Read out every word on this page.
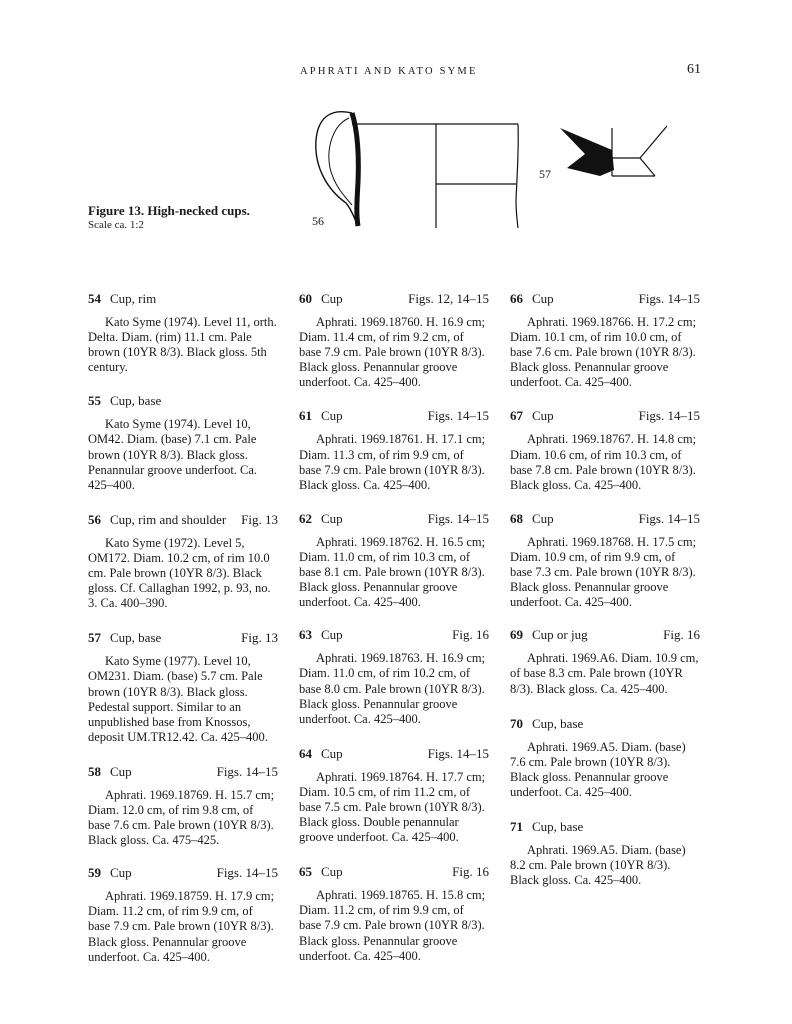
APHRATI AND KATO SYME	61
56
57
Figure 13. High-necked cups.
Scale ca. 1:2
54 Cup, rim

Kato Syme (1974). Level 11, orth. Delta. Diam. (rim) 11.1 cm. Pale brown (10YR 8/3). Black gloss. 5th century.

55 Cup, base

Kato Syme (1974). Level 10, OM42. Diam. (base) 7.1 cm. Pale brown (10YR 8/3). Black gloss. Penannular groove underfoot. Ca. 425–400.

56 Cup, rim and shoulder Fig. 13

Kato Syme (1972). Level 5, OM172. Diam. 10.2 cm, of rim 10.0 cm. Pale brown (10YR 8/3). Black gloss. Cf. Callaghan 1992, p. 93, no. 3. Ca. 400–390.

57 Cup, base	Fig. 13

Kato Syme (1977). Level 10, OM231. Diam. (base) 5.7 cm. Pale brown (10YR 8/3). Black gloss. Pedestal support. Similar to an unpublished base from Knossos, deposit UM.TR12.42. Ca. 425–400.

58 Cup	Figs. 14–15

Aphrati. 1969.18769. H. 15.7 cm; Diam. 12.0 cm, of rim 9.8 cm, of base 7.6 cm. Pale brown (10YR 8/3). Black gloss. Ca. 475–425.

59 Cup	Figs. 14–15

Aphrati. 1969.18759. H. 17.9 cm; Diam. 11.2 cm, of rim 9.9 cm, of base 7.9 cm. Pale brown (10YR 8/3). Black gloss. Penannular groove underfoot. Ca. 425–400.

60 Cup	Figs. 12, 14–15

Aphrati. 1969.18760. H. 16.9 cm; Diam. 11.4 cm, of rim 9.2 cm, of base 7.9 cm. Pale brown (10YR 8/3). Black gloss. Penannular groove underfoot. Ca. 425–400.

61 Cup	Figs. 14–15

Aphrati. 1969.18761. H. 17.1 cm; Diam. 11.3 cm, of rim 9.9 cm, of base 7.9 cm. Pale brown (10YR 8/3). Black gloss. Ca. 425–400.

62 Cup	Figs. 14–15

Aphrati. 1969.18762. H. 16.5 cm; Diam. 11.0 cm, of rim 10.3 cm, of base 8.1 cm. Pale brown (10YR 8/3). Black gloss. Penannular groove underfoot. Ca. 425–400.

63 Cup	Fig. 16

Aphrati. 1969.18763. H. 16.9 cm; Diam. 11.0 cm, of rim 10.2 cm, of base 8.0 cm. Pale brown (10YR 8/3). Black gloss. Penannular groove underfoot. Ca. 425–400.

64 Cup	Figs. 14–15

Aphrati. 1969.18764. H. 17.7 cm; Diam. 10.5 cm, of rim 11.2 cm, of base 7.5 cm. Pale brown (10YR 8/3). Black gloss. Double penannular groove underfoot. Ca. 425–400.

65 Cup	Fig. 16

Aphrati. 1969.18765. H. 15.8 cm; Diam. 11.2 cm, of rim 9.9 cm, of base 7.9 cm. Pale brown (10YR 8/3). Black gloss. Penannular groove underfoot. Ca. 425–400.

66 Cup	Figs. 14–15

Aphrati. 1969.18766. H. 17.2 cm; Diam. 10.1 cm, of rim 10.0 cm, of base 7.6 cm. Pale brown (10YR 8/3). Black gloss. Penannular groove underfoot. Ca. 425–400.

67 Cup	Figs. 14–15

Aphrati. 1969.18767. H. 14.8 cm; Diam. 10.6 cm, of rim 10.3 cm, of base 7.8 cm. Pale brown (10YR 8/3). Black gloss. Ca. 425–400.

68 Cup	Figs. 14–15

Aphrati. 1969.18768. H. 17.5 cm; Diam. 10.9 cm, of rim 9.9 cm, of base 7.3 cm. Pale brown (10YR 8/3). Black gloss. Penannular groove underfoot. Ca. 425–400.

69 Cup or jug	Fig. 16

Aphrati. 1969.A6. Diam. 10.9 cm, of base 8.3 cm. Pale brown (10YR 8/3). Black gloss. Ca. 425–400.

70 Cup, base

Aphrati. 1969.A5. Diam. (base) 7.6 cm. Pale brown (10YR 8/3). Black gloss. Penannular groove underfoot. Ca. 425–400.

71 Cup, base

Aphrati. 1969.A5. Diam. (base) 8.2 cm. Pale brown (10YR 8/3). Black gloss. Ca. 425–400.
